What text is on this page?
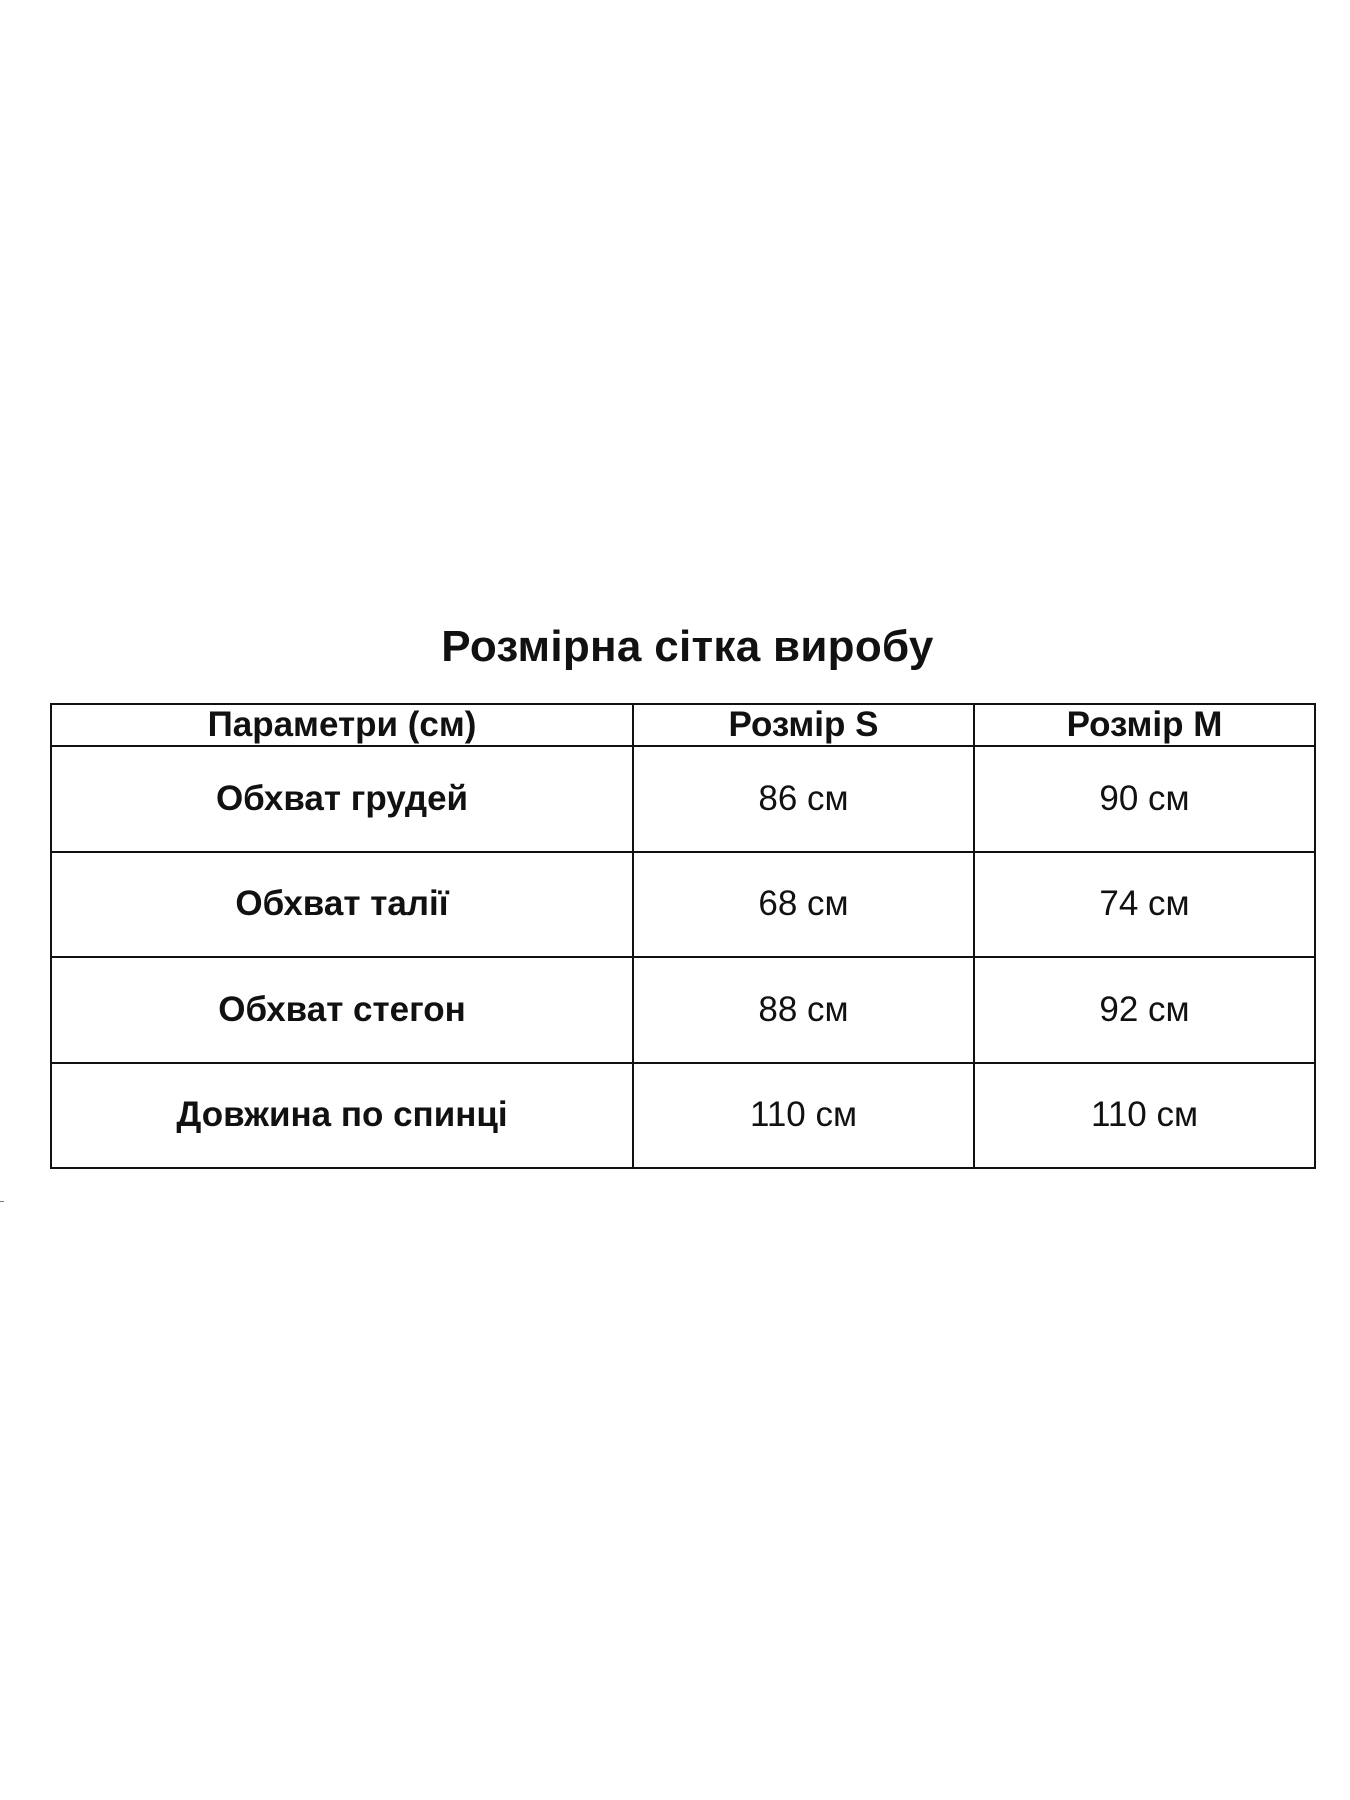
Розмірна сітка виробу
Параметри (см)	Розмір S	Розмір M
Обхват грудей	86 см	90 см
Обхват талії	68 см	74 см
Обхват стегон	88 см	92 см
Довжина по спинці	110 см	110 см
